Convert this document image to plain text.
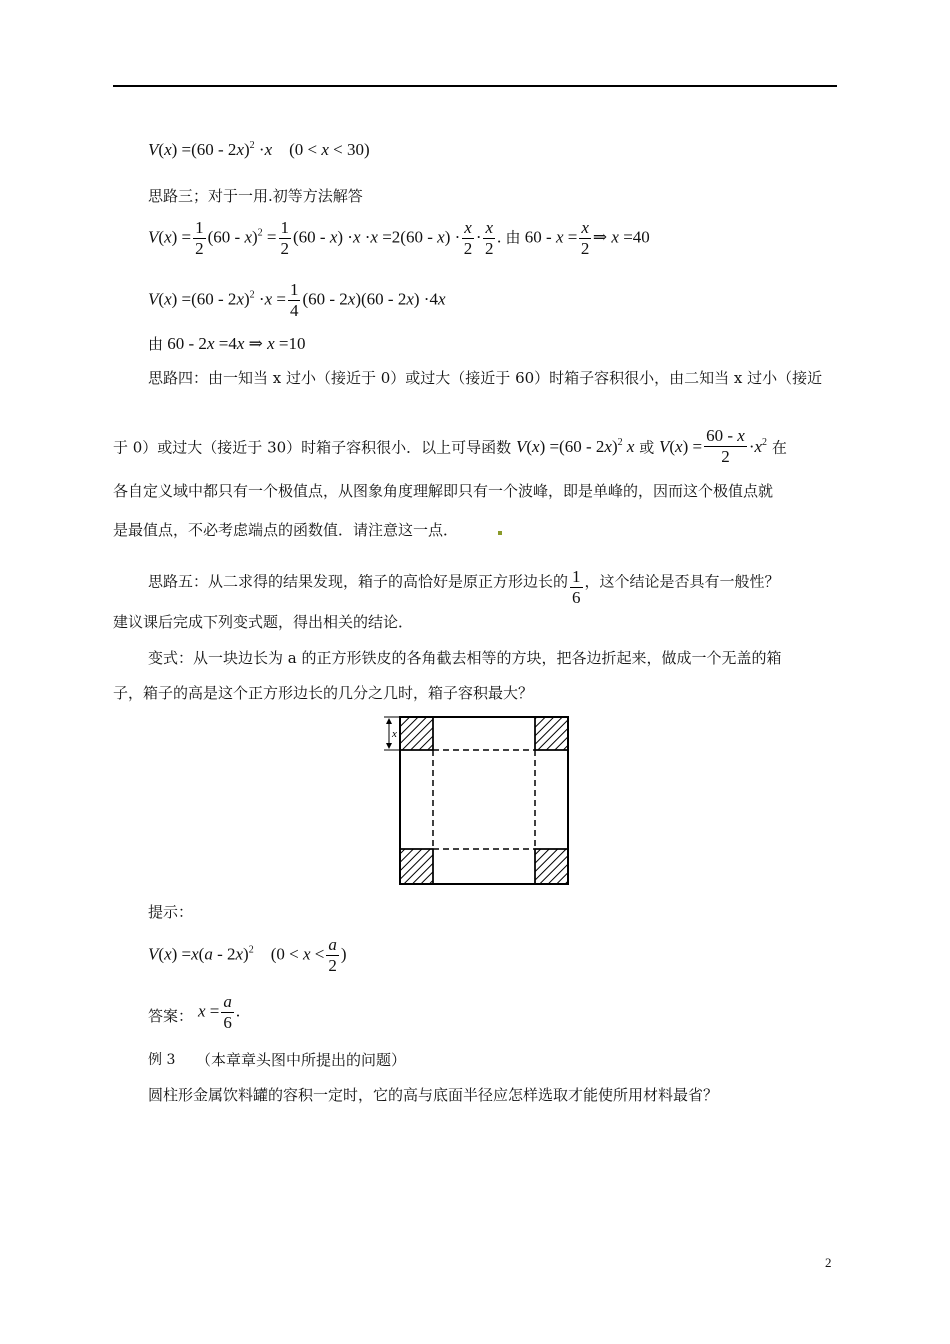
V(x) =(60 - 2x)$^2$ ·x    (0 < x < 30)
思路三；对于一用.初等方法解答
$V(x) = \frac{1}{2} (60 - x)^2 = \frac{1}{2} (60 - x) \cdot x \cdot x =2(60 - x) \cdot \frac{x}{2} \cdot \frac{x}{2}$ . 由 $60 - x = \frac{x}{2}$ ⇒ x =40
$V(x) =(60 - 2x)^2 \cdot x = \frac{1}{4} (60 - 2x)(60 - 2x) \cdot 4x$
由 60 - 2x =4x ⇒ x =10
思路四：由一知当 x 过小（接近于 0）或过大（接近于 60）时箱子容积很小，由二知当 x 过小（接近
于 0）或过大（接近于 30）时箱子容积很小．以上可导函数 V(x) =(60 - 2x)$^2$ x 或 $V(x) = \frac{60 - x}{2} \cdot x^2$ 在
各自定义域中都只有一个极值点，从图象角度理解即只有一个波峰，即是单峰的，因而这个极值点就
是最值点，不必考虑端点的函数值．请注意这一点．
思路五：从二求得的结果发现，箱子的高恰好是原正方形边长的 $\frac{1}{6}$ ，这个结论是否具有一般性？
建议课后完成下列变式题，得出相关的结论．
变式：从一块边长为 a 的正方形铁皮的各角截去相等的方块，把各边折起来，做成一个无盖的箱
子，箱子的高是这个正方形边长的几分之几时，箱子容积最大？
x
提示：
V(x) =x(a - 2x)$^2$    ($0 < x < \frac{a}{2}$ )
答案： $x = \frac{a}{6}$ .
例 3 （本章章头图中所提出的问题）
圆柱形金属饮料罐的容积一定时，它的高与底面半径应怎样选取才能使所用材料最省？
2
